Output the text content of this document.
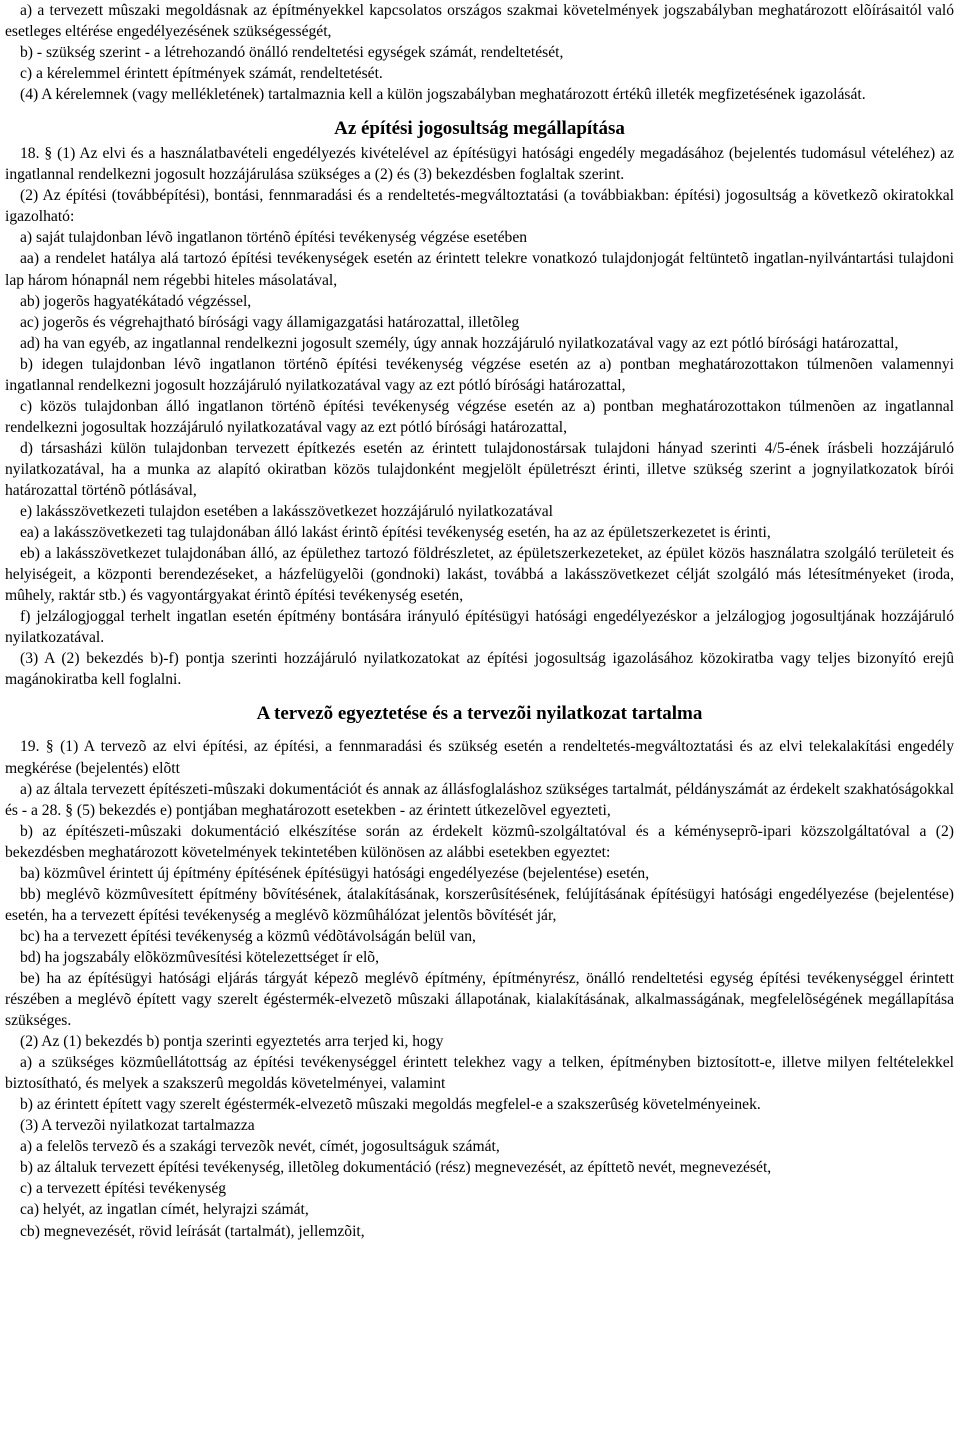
a) a tervezett mûszaki megoldásnak az építményekkel kapcsolatos országos szakmai követelmények jogszabályban meghatározott elõírásaitól való esetleges eltérése engedélyezésének szükségességét,

b) - szükség szerint - a létrehozandó önálló rendeltetési egységek számát, rendeltetését,

c) a kérelemmel érintett építmények számát, rendeltetését.

(4) A kérelemnek (vagy mellékletének) tartalmaznia kell a külön jogszabályban meghatározott értékû illeték megfizetésének igazolását.

Az építési jogosultság megállapítása

18. § (1) Az elvi és a használatbavételi engedélyezés kivételével az építésügyi hatósági engedély megadásához (bejelentés tudomásul vételéhez) az ingatlannal rendelkezni jogosult hozzájárulása szükséges a (2) és (3) bekezdésben foglaltak szerint.

(2) Az építési (továbbépítési), bontási, fennmaradási és a rendeltetés-megváltoztatási (a továbbiakban: építési) jogosultság a következõ okiratokkal igazolható:

a) saját tulajdonban lévõ ingatlanon történõ építési tevékenység végzése esetében

aa) a rendelet hatálya alá tartozó építési tevékenységek esetén az érintett telekre vonatkozó tulajdonjogát feltüntetõ ingatlan-nyilvántartási tulajdoni lap három hónapnál nem régebbi hiteles másolatával,

ab) jogerõs hagyatékátadó végzéssel,

ac) jogerõs és végrehajtható bírósági vagy államigazgatási határozattal, illetõleg

ad) ha van egyéb, az ingatlannal rendelkezni jogosult személy, úgy annak hozzájáruló nyilatkozatával vagy az ezt pótló bírósági határozattal,

b) idegen tulajdonban lévõ ingatlanon történõ építési tevékenység végzése esetén az a) pontban meghatározottakon túlmenõen valamennyi ingatlannal rendelkezni jogosult hozzájáruló nyilatkozatával vagy az ezt pótló bírósági határozattal,

c) közös tulajdonban álló ingatlanon történõ építési tevékenység végzése esetén az a) pontban meghatározottakon túlmenõen az ingatlannal rendelkezni jogosultak hozzájáruló nyilatkozatával vagy az ezt pótló bírósági határozattal,

d) társasházi külön tulajdonban tervezett építkezés esetén az érintett tulajdonostársak tulajdoni hányad szerinti 4/5-ének írásbeli hozzájáruló nyilatkozatával, ha a munka az alapító okiratban közös tulajdonként megjelölt épületrészt érinti, illetve szükség szerint a jognyilatkozatok bírói határozattal történõ pótlásával,

e) lakásszövetkezeti tulajdon esetében a lakásszövetkezet hozzájáruló nyilatkozatával

ea) a lakásszövetkezeti tag tulajdonában álló lakást érintõ építési tevékenység esetén, ha az az épületszerkezetet is érinti,

eb) a lakásszövetkezet tulajdonában álló, az épülethez tartozó földrészletet, az épületszerkezeteket, az épület közös használatra szolgáló területeit és helyiségeit, a központi berendezéseket, a házfelügyelõi (gondnoki) lakást, továbbá a lakásszövetkezet célját szolgáló más létesítményeket (iroda, mûhely, raktár stb.) és vagyontárgyakat érintõ építési tevékenység esetén,

f) jelzálogjoggal terhelt ingatlan esetén építmény bontására irányuló építésügyi hatósági engedélyezéskor a jelzálogjog jogosultjának hozzájáruló nyilatkozatával.

(3) A (2) bekezdés b)-f) pontja szerinti hozzájáruló nyilatkozatokat az építési jogosultság igazolásához közokiratba vagy teljes bizonyító erejû magánokiratba kell foglalni.

A tervezõ egyeztetése és a tervezõi nyilatkozat tartalma

19. § (1) A tervezõ az elvi építési, az építési, a fennmaradási és szükség esetén a rendeltetés-megváltoztatási és az elvi telekalakítási engedély megkérése (bejelentés) elõtt

a) az általa tervezett építészeti-mûszaki dokumentációt és annak az állásfoglaláshoz szükséges tartalmát, példányszámát az érdekelt szakhatóságokkal és - a 28. § (5) bekezdés e) pontjában meghatározott esetekben - az érintett útkezelõvel egyezteti,

b) az építészeti-mûszaki dokumentáció elkészítése során az érdekelt közmû-szolgáltatóval és a kéményseprõ-ipari közszolgáltatóval a (2) bekezdésben meghatározott követelmények tekintetében különösen az alábbi esetekben egyeztet:

ba) közmûvel érintett új építmény építésének építésügyi hatósági engedélyezése (bejelentése) esetén,

bb) meglévõ közmûvesített építmény bõvítésének, átalakításának, korszerûsítésének, felújításának építésügyi hatósági engedélyezése (bejelentése) esetén, ha a tervezett építési tevékenység a meglévõ közmûhálózat jelentõs bõvítését jár,

bc) ha a tervezett építési tevékenység a közmû védõtávolságán belül van,

bd) ha jogszabály elõközmûvesítési kötelezettséget ír elõ,

be) ha az építésügyi hatósági eljárás tárgyát képezõ meglévõ építmény, építményrész, önálló rendeltetési egység építési tevékenységgel érintett részében a meglévõ épített vagy szerelt égéstermék-elvezetõ mûszaki állapotának, kialakításának, alkalmasságának, megfelelõségének megállapítása szükséges.

(2) Az (1) bekezdés b) pontja szerinti egyeztetés arra terjed ki, hogy

a) a szükséges közmûellátottság az építési tevékenységgel érintett telekhez vagy a telken, építményben biztosított-e, illetve milyen feltételekkel biztosítható, és melyek a szakszerû megoldás követelményei, valamint

b) az érintett épített vagy szerelt égéstermék-elvezetõ mûszaki megoldás megfelel-e a szakszerûség követelményeinek.

(3) A tervezõi nyilatkozat tartalmazza

a) a felelõs tervezõ és a szakági tervezõk nevét, címét, jogosultságuk számát,

b) az általuk tervezett építési tevékenység, illetõleg dokumentáció (rész) megnevezését, az építtetõ nevét, megnevezését,

c) a tervezett építési tevékenység

ca) helyét, az ingatlan címét, helyrajzi számát,

cb) megnevezését, rövid leírását (tartalmát), jellemzõit,
